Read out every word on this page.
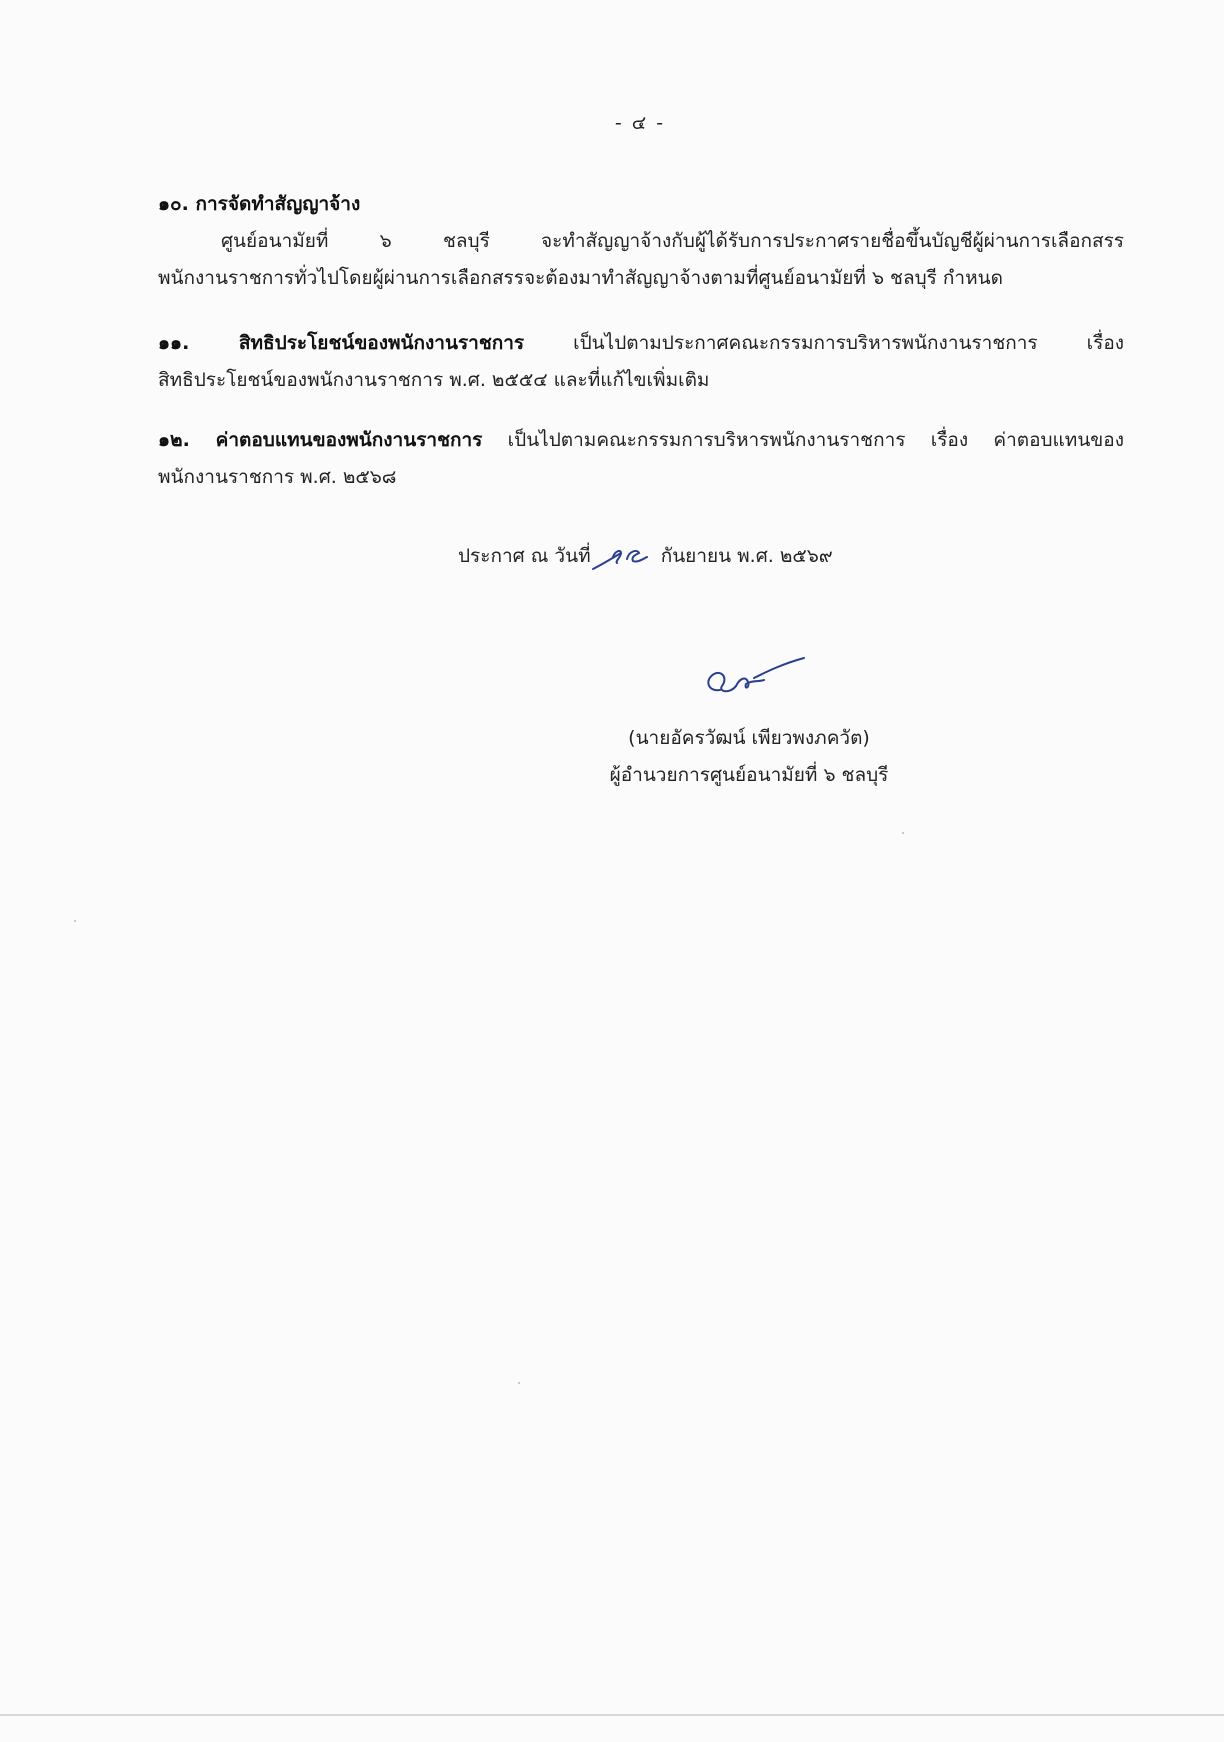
- ๔ -
๑๐. การจัดทำสัญญาจ้าง
ศูนย์อนามัยที่ ๖ ชลบุรี จะทำสัญญาจ้างกับผู้ได้รับการประกาศรายชื่อขึ้นบัญชีผู้ผ่านการเลือกสรร
พนักงานราชการทั่วไปโดยผู้ผ่านการเลือกสรรจะต้องมาทำสัญญาจ้างตามที่ศูนย์อนามัยที่ ๖ ชลบุรี กำหนด
๑๑. สิทธิประโยชน์ของพนักงานราชการ เป็นไปตามประกาศคณะกรรมการบริหารพนักงานราชการ เรื่อง
สิทธิประโยชน์ของพนักงานราชการ พ.ศ. ๒๕๕๔ และที่แก้ไขเพิ่มเติม
๑๒. ค่าตอบแทนของพนักงานราชการ เป็นไปตามคณะกรรมการบริหารพนักงานราชการ เรื่อง ค่าตอบแทนของ
พนักงานราชการ พ.ศ. ๒๕๖๘
ประกาศ ณ วันที่	กันยายน พ.ศ. ๒๕๖๙
(นายอัครวัฒน์ เพียวพงภควัต)
ผู้อำนวยการศูนย์อนามัยที่ ๖ ชลบุรี
